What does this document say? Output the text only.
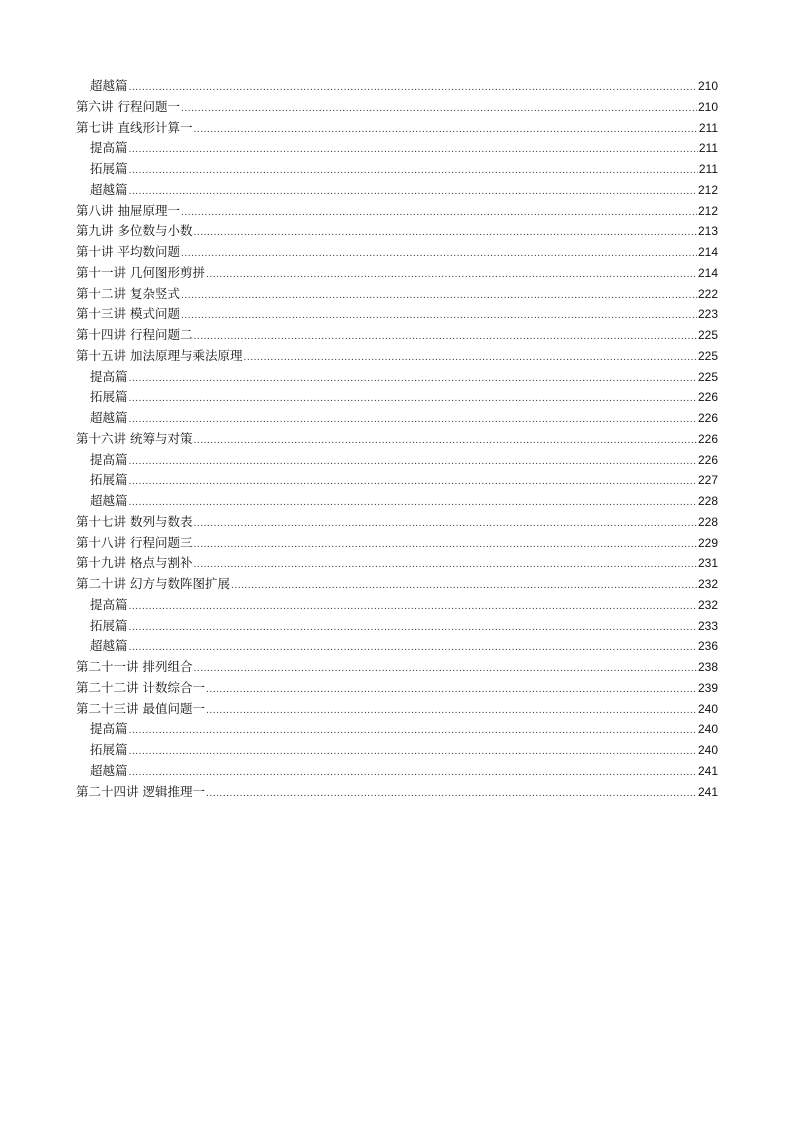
超越篇 .....	210
第六讲 行程问题一 .....	210
第七讲 直线形计算一 .....	211
提高篇 .....	211
拓展篇 .....	211
超越篇 .....	212
第八讲 抽屉原理一 .....	212
第九讲 多位数与小数 .....	213
第十讲 平均数问题 .....	214
第十一讲 几何图形剪拼 .....	214
第十二讲 复杂竖式 .....	222
第十三讲 模式问题 .....	223
第十四讲 行程问题二 .....	225
第十五讲 加法原理与乘法原理 .....	225
提高篇 .....	225
拓展篇 .....	226
超越篇 .....	226
第十六讲 统筹与对策 .....	226
提高篇 .....	226
拓展篇 .....	227
超越篇 .....	228
第十七讲 数列与数表 .....	228
第十八讲 行程问题三 .....	229
第十九讲 格点与割补 .....	231
第二十讲 幻方与数阵图扩展 .....	232
提高篇 .....	232
拓展篇 .....	233
超越篇 .....	236
第二十一讲 排列组合 .....	238
第二十二讲 计数综合一 .....	239
第二十三讲 最值问题一 .....	240
提高篇 .....	240
拓展篇 .....	240
超越篇 .....	241
第二十四讲 逻辑推理一 .....	241
